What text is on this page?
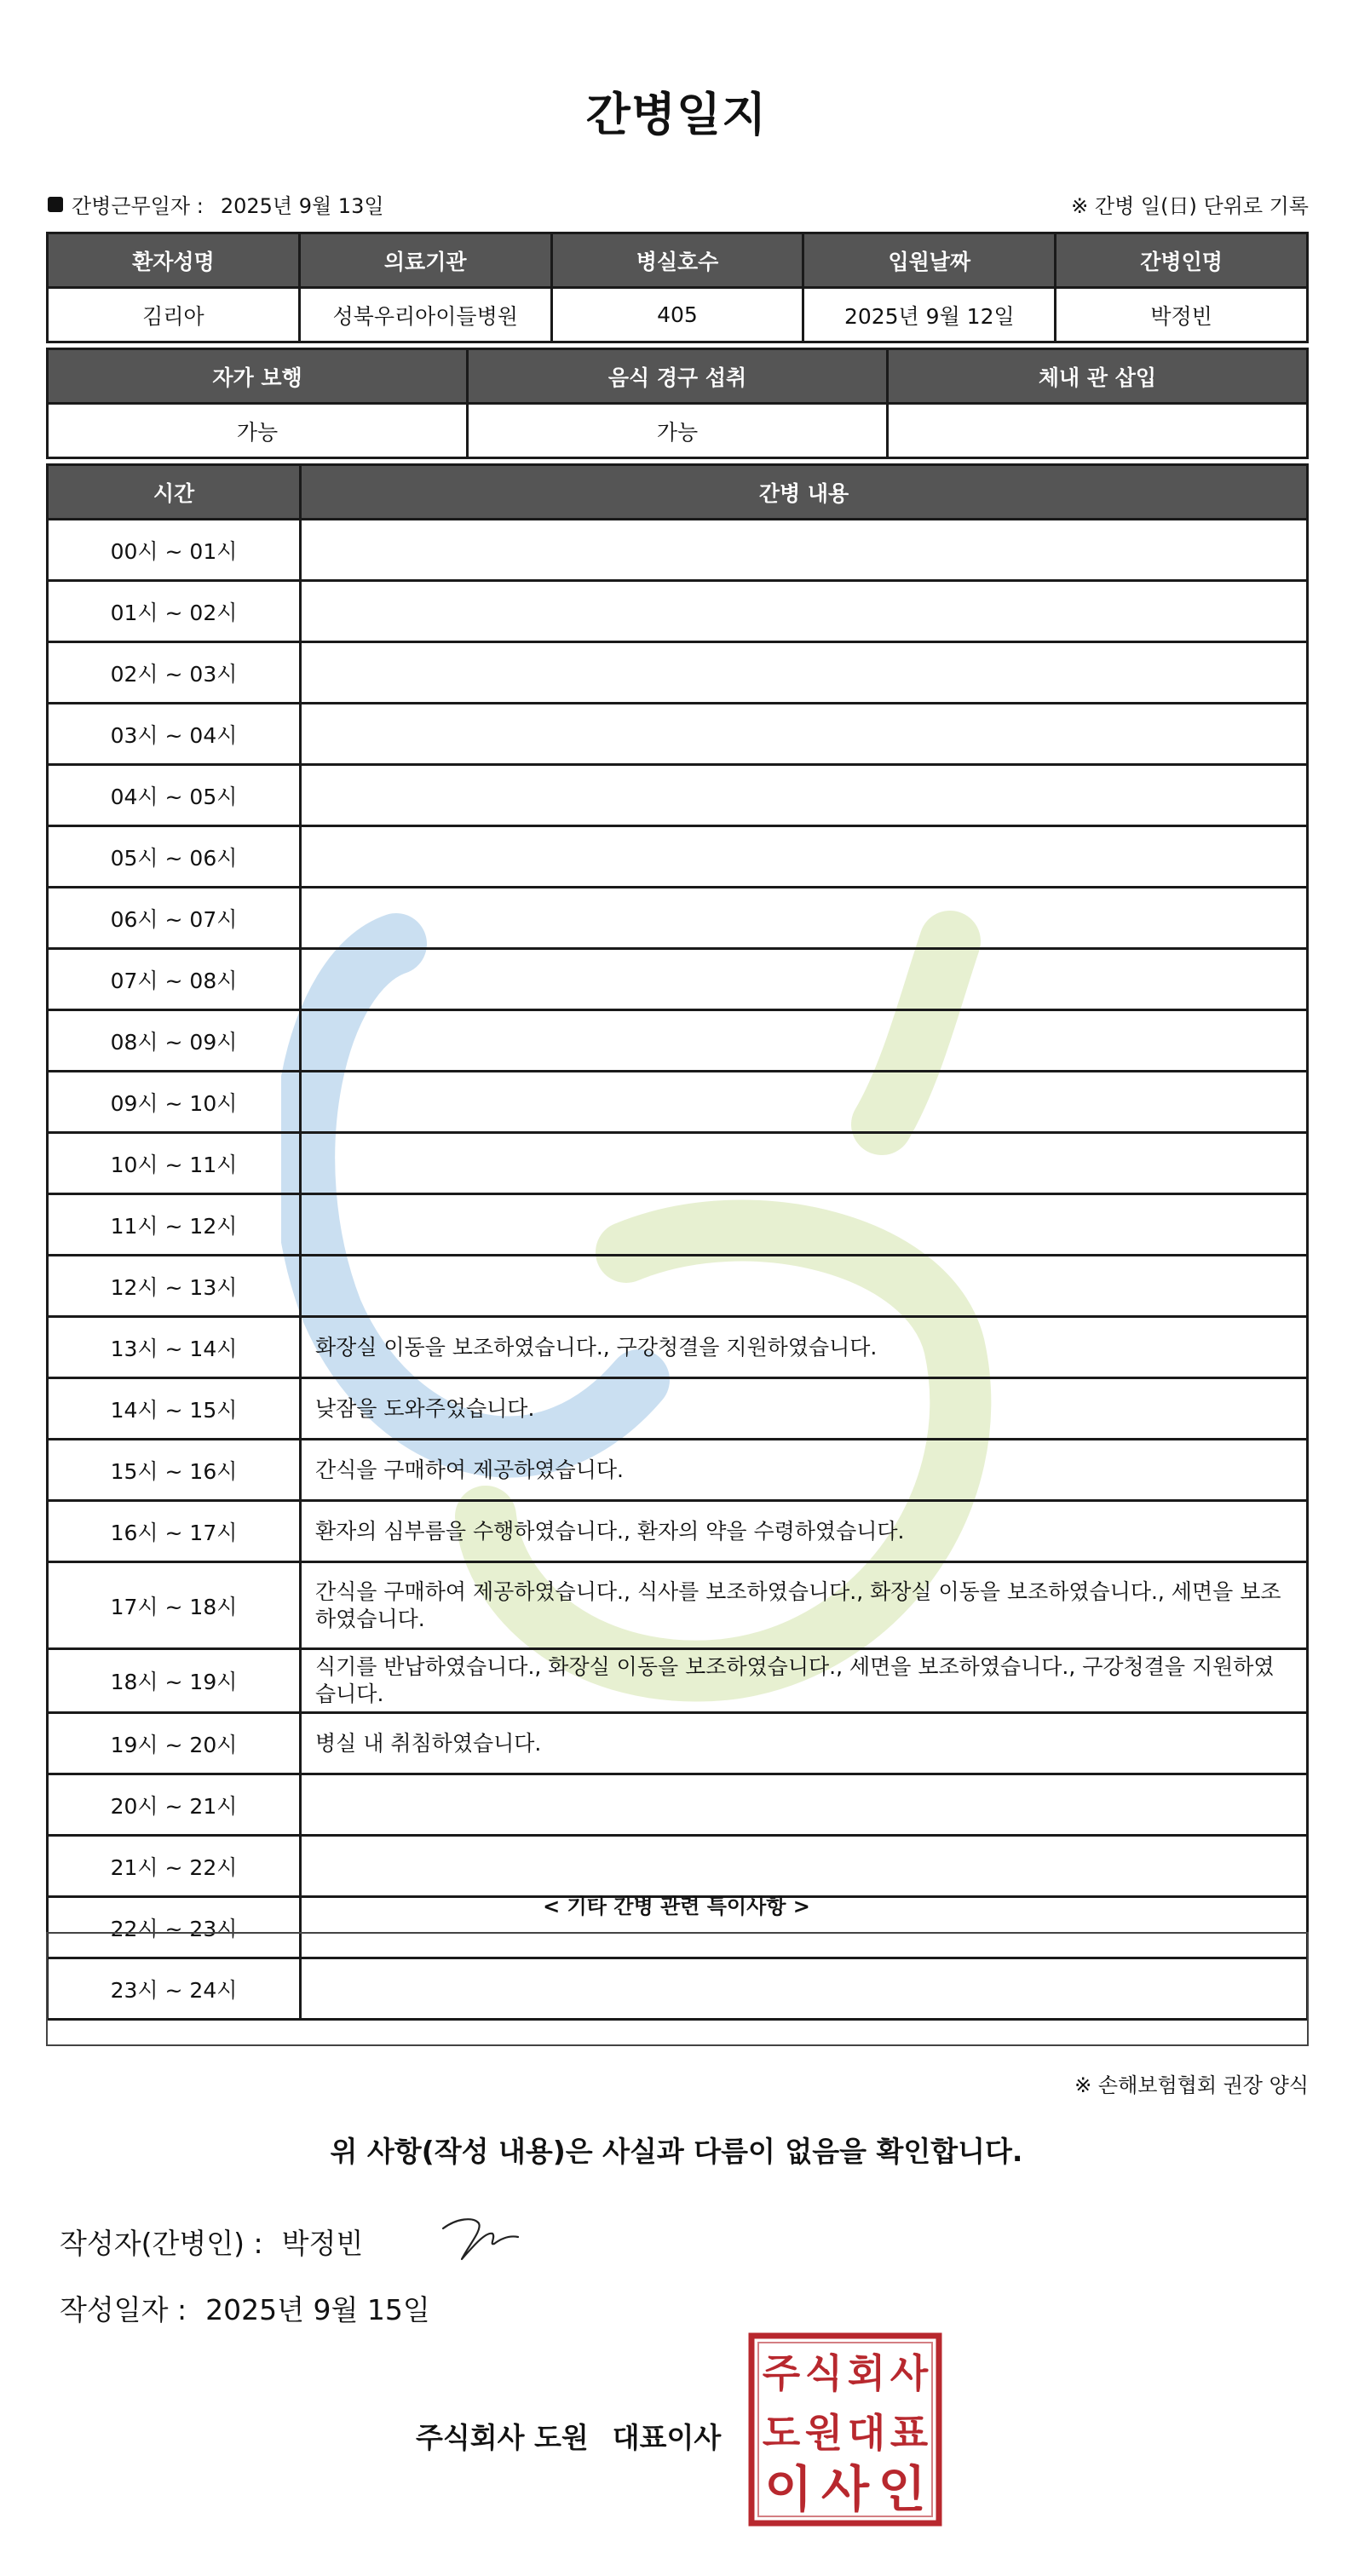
간병일지
간병근무일자 : 2025년 9월 13일	※ 간병 일(日) 단위로 기록
환자성명	의료기관	병실호수	입원날짜	간병인명
김리아	성북우리아이들병원	405	2025년 9월 12일	박정빈
자가 보행	음식 경구 섭취	체내 관 삽입
가능	가능	
시간	간병 내용
00시 ~ 01시	
01시 ~ 02시	
02시 ~ 03시	
03시 ~ 04시	
04시 ~ 05시	
05시 ~ 06시	
06시 ~ 07시	
07시 ~ 08시	
08시 ~ 09시	
09시 ~ 10시	
10시 ~ 11시	
11시 ~ 12시	
12시 ~ 13시	
13시 ~ 14시	화장실 이동을 보조하였습니다., 구강청결을 지원하였습니다.
14시 ~ 15시	낮잠을 도와주었습니다.
15시 ~ 16시	간식을 구매하여 제공하였습니다.
16시 ~ 17시	환자의 심부름을 수행하였습니다., 환자의 약을 수령하였습니다.
17시 ~ 18시	간식을 구매하여 제공하였습니다., 식사를 보조하였습니다., 화장실 이동을 보조하였습니다., 세면을 보조하였습니다.
18시 ~ 19시	식기를 반납하였습니다., 화장실 이동을 보조하였습니다., 세면을 보조하였습니다., 구강청결을 지원하였습니다.
19시 ~ 20시	병실 내 취침하였습니다.
20시 ~ 21시	
21시 ~ 22시	
22시 ~ 23시	
23시 ~ 24시	
< 기타 간병 관련 특이사항 >
※ 손해보험협회 권장 양식
위 사항(작성 내용)은 사실과 다름이 없음을 확인합니다.
작성자(간병인) : 박정빈
작성일자 : 2025년 9월 15일
주식회사 도원 대표이사
주 식 회 사
도 원 대 표
이 사 인
